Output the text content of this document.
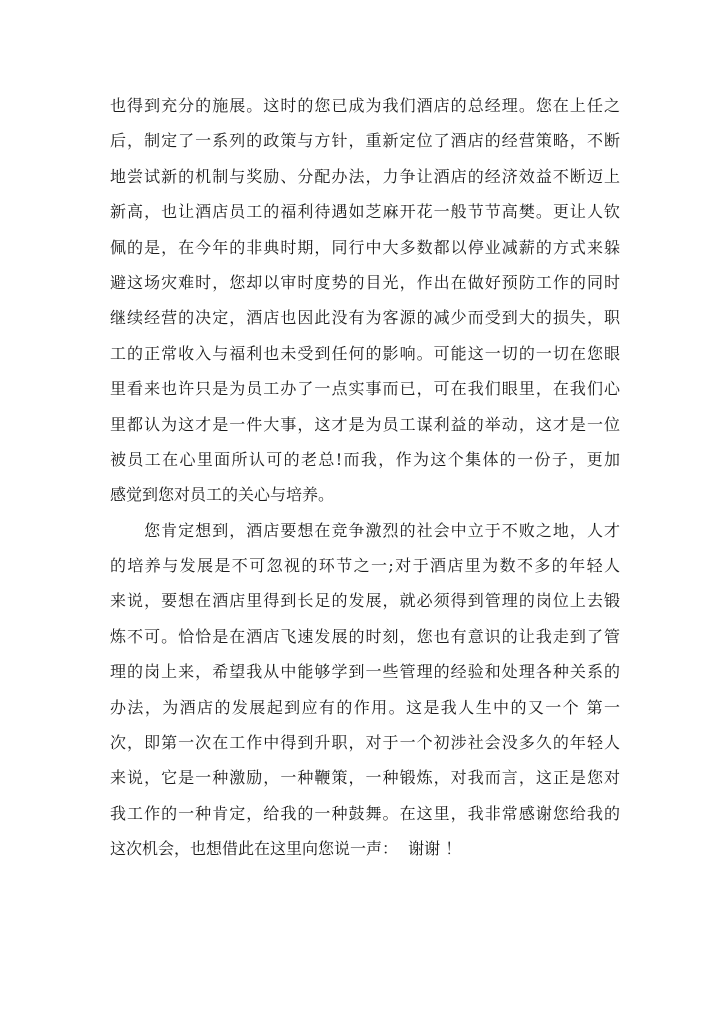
也得到充分的施展。这时的您已成为我们酒店的总经理。您在上任之
后，制定了一系列的政策与方针，重新定位了酒店的经营策略，不断
地尝试新的机制与奖励、分配办法，力争让酒店的经济效益不断迈上
新高，也让酒店员工的福利待遇如芝麻开花一般节节高樊。更让人钦
佩的是，在今年的非典时期，同行中大多数都以停业减薪的方式来躲
避这场灾难时，您却以审时度势的目光，作出在做好预防工作的同时
继续经营的决定，酒店也因此没有为客源的减少而受到大的损失，职
工的正常收入与福利也未受到任何的影响。可能这一切的一切在您眼
里看来也许只是为员工办了一点实事而已，可在我们眼里，在我们心
里都认为这才是一件大事，这才是为员工谋利益的举动，这才是一位
被员工在心里面所认可的老总!而我，作为这个集体的一份子，更加
感觉到您对员工的关心与培养。
　　您肯定想到，酒店要想在竞争激烈的社会中立于不败之地，人才
的培养与发展是不可忽视的环节之一;对于酒店里为数不多的年轻人
来说，要想在酒店里得到长足的发展，就必须得到管理的岗位上去锻
炼不可。恰恰是在酒店飞速发展的时刻，您也有意识的让我走到了管
理的岗上来，希望我从中能够学到一些管理的经验和处理各种关系的
办法，为酒店的发展起到应有的作用。这是我人生中的又一个 第一
次，即第一次在工作中得到升职，对于一个初涉社会没多久的年轻人
来说，它是一种激励，一种鞭策，一种锻炼，对我而言，这正是您对
我工作的一种肯定，给我的一种鼓舞。在这里，我非常感谢您给我的
这次机会，也想借此在这里向您说一声：  谢谢 ！
